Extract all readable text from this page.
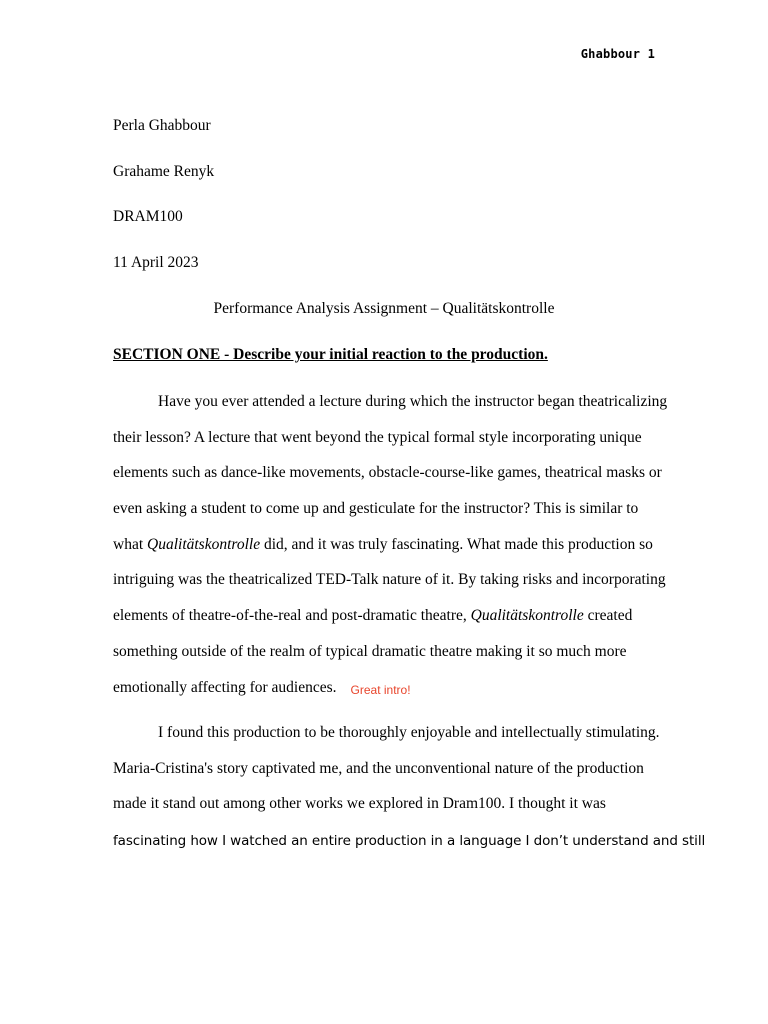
Ghabbour 1
Perla Ghabbour
Grahame Renyk
DRAM100
11 April 2023
Performance Analysis Assignment – Qualitätskontrolle
SECTION ONE - Describe your initial reaction to the production.
Have you ever attended a lecture during which the instructor began theatricalizing
their lesson? A lecture that went beyond the typical formal style incorporating unique
elements such as dance-like movements, obstacle-course-like games, theatrical masks or
even asking a student to come up and gesticulate for the instructor? This is similar to
what Qualitätskontrolle did, and it was truly fascinating. What made this production so
intriguing was the theatricalized TED-Talk nature of it. By taking risks and incorporating
elements of theatre-of-the-real and post-dramatic theatre, Qualitätskontrolle created
something outside of the realm of typical dramatic theatre making it so much more
emotionally affecting for audiences. Great intro!
I found this production to be thoroughly enjoyable and intellectually stimulating.
Maria-Cristina's story captivated me, and the unconventional nature of the production
made it stand out among other works we explored in Dram100. I thought it was
fascinating how I watched an entire production in a language I don’t understand and still
